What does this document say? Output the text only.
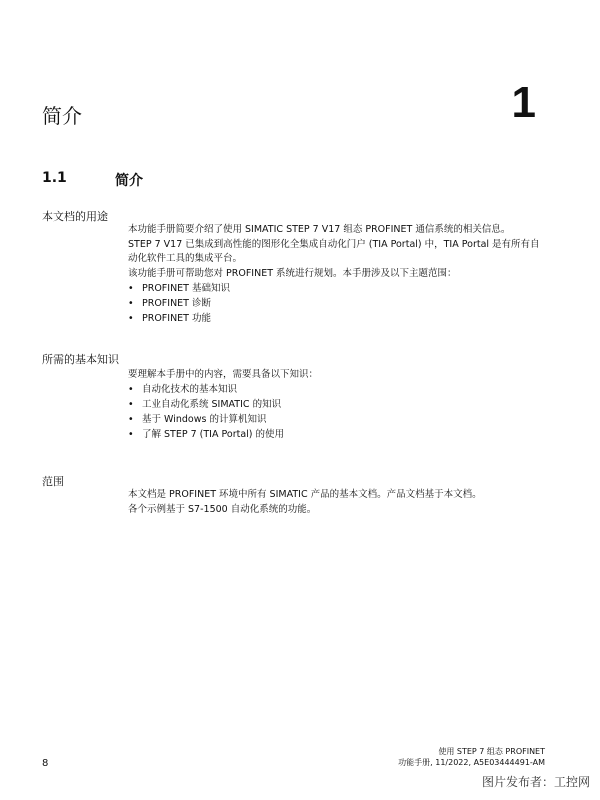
简介	1
1.1	简介
本文档的用途

本功能手册简要介绍了使用 SIMATIC STEP 7 V17 组态 PROFINET 通信系统的相关信息。

STEP 7 V17 已集成到高性能的图形化全集成自动化门户 (TIA Portal) 中，TIA Portal 是有所有自动化软件工具的集成平台。

该功能手册可帮助您对 PROFINET 系统进行规划。本手册涉及以下主题范围：

• PROFINET 基础知识
• PROFINET 诊断
• PROFINET 功能
所需的基本知识

要理解本手册中的内容，需要具备以下知识：

• 自动化技术的基本知识
• 工业自动化系统 SIMATIC 的知识
• 基于 Windows 的计算机知识
• 了解 STEP 7 (TIA Portal) 的使用
范围

本文档是 PROFINET 环境中所有 SIMATIC 产品的基本文档。产品文档基于本文档。

各个示例基于 S7-1500 自动化系统的功能。

8
使用 STEP 7 组态 PROFINET
功能手册, 11/2022, A5E03444491-AM
图片发布者：工控网
